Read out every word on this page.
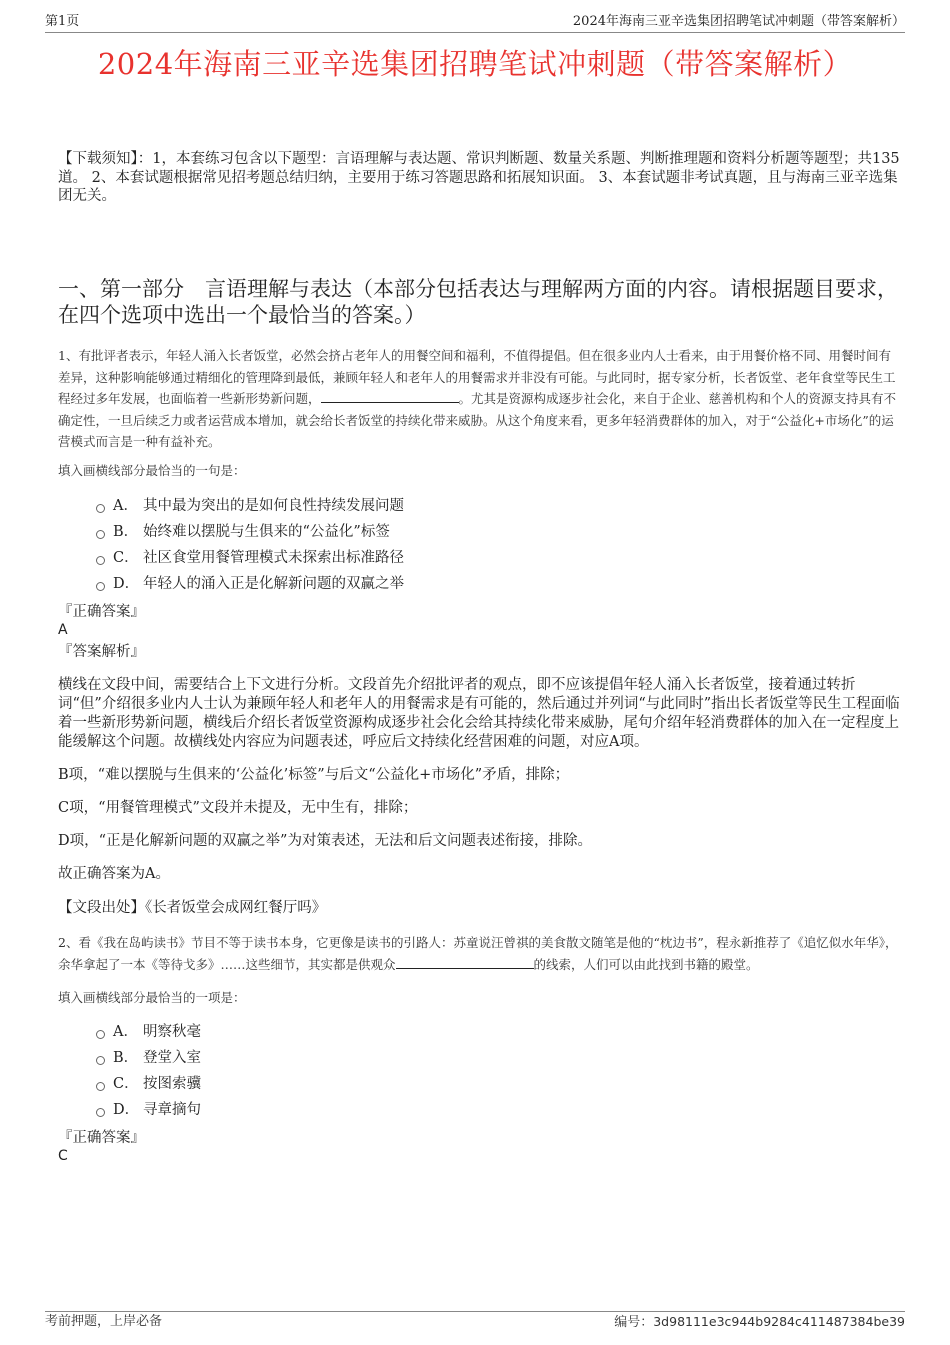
第1页	2024年海南三亚辛选集团招聘笔试冲刺题（带答案解析）
2024年海南三亚辛选集团招聘笔试冲刺题（带答案解析）
【下载须知】：1，本套练习包含以下题型：言语理解与表达题、常识判断题、数量关系题、判断推理题和资料分析题等题型；共135道。 2、本套试题根据常见招考题总结归纳，主要用于练习答题思路和拓展知识面。 3、本套试题非考试真题，且与海南三亚辛选集团无关。
一、第一部分　言语理解与表达（本部分包括表达与理解两方面的内容。请根据题目要求，在四个选项中选出一个最恰当的答案。）
1、有批评者表示，年轻人涌入长者饭堂，必然会挤占老年人的用餐空间和福利，不值得提倡。但在很多业内人士看来，由于用餐价格不同、用餐时间有差异，这种影响能够通过精细化的管理降到最低，兼顾年轻人和老年人的用餐需求并非没有可能。与此同时，据专家分析，长者饭堂、老年食堂等民生工程经过多年发展，也面临着一些新形势新问题，	。尤其是资源构成逐步社会化，来自于企业、慈善机构和个人的资源支持具有不确定性，一旦后续乏力或者运营成本增加，就会给长者饭堂的持续化带来威胁。从这个角度来看，更多年轻消费群体的加入，对于“公益化+市场化”的运营模式而言是一种有益补充。
填入画横线部分最恰当的一句是：
A． 其中最为突出的是如何良性持续发展问题
B． 始终难以摆脱与生俱来的“公益化”标签
C． 社区食堂用餐管理模式未探索出标准路径
D． 年轻人的涌入正是化解新问题的双赢之举
『正确答案』
A
『答案解析』
横线在文段中间，需要结合上下文进行分析。文段首先介绍批评者的观点，即不应该提倡年轻人涌入长者饭堂，接着通过转折词“但”介绍很多业内人士认为兼顾年轻人和老年人的用餐需求是有可能的，然后通过并列词“与此同时”指出长者饭堂等民生工程面临着一些新形势新问题，横线后介绍长者饭堂资源构成逐步社会化会给其持续化带来威胁，尾句介绍年轻消费群体的加入在一定程度上能缓解这个问题。故横线处内容应为问题表述，呼应后文持续化经营困难的问题，对应A项。
B项，“难以摆脱与生俱来的‘公益化’标签”与后文“公益化+市场化”矛盾，排除；
C项，“用餐管理模式”文段并未提及，无中生有，排除；
D项，“正是化解新问题的双赢之举”为对策表述，无法和后文问题表述衔接，排除。
故正确答案为A。
【文段出处】《长者饭堂会成网红餐厅吗》
2、看《我在岛屿读书》节目不等于读书本身，它更像是读书的引路人：苏童说汪曾祺的美食散文随笔是他的“枕边书”，程永新推荐了《追忆似水年华》，余华拿起了一本《等待戈多》……这些细节，其实都是供观众	的线索，人们可以由此找到书籍的殿堂。
填入画横线部分最恰当的一项是：
A． 明察秋毫
B． 登堂入室
C． 按图索骥
D． 寻章摘句
『正确答案』
C
考前押题，上岸必备	编号：3d98111e3c944b9284c411487384be39
